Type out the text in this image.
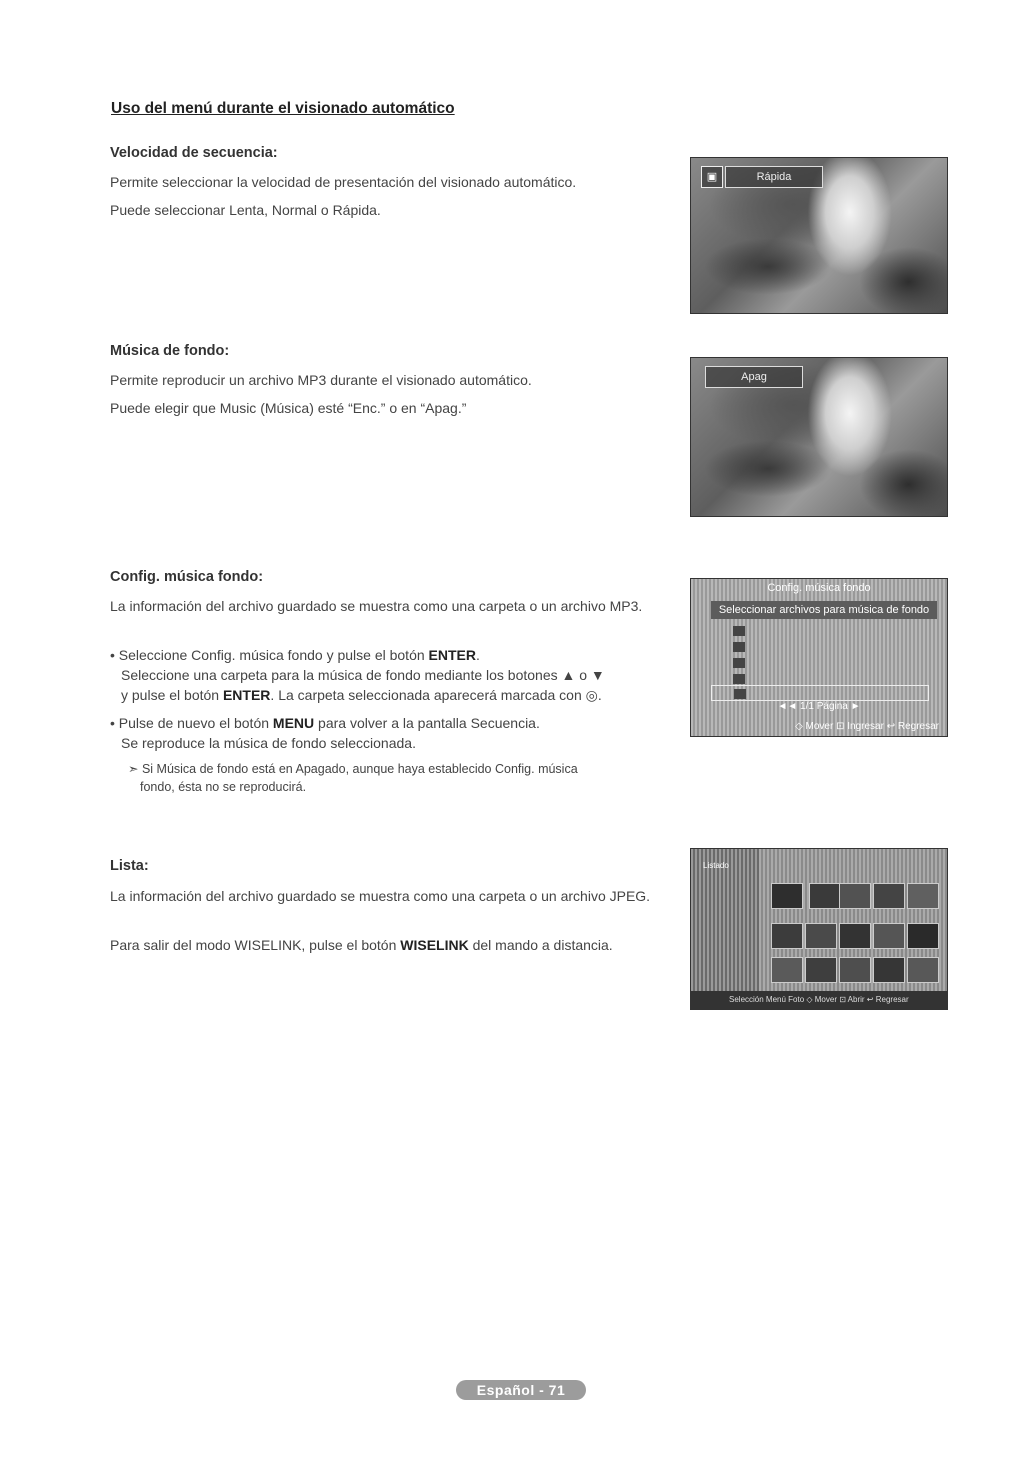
Uso del menú durante el visionado automático
Velocidad de secuencia:
Permite seleccionar la velocidad de presentación del visionado automático.
Puede seleccionar Lenta, Normal o Rápida.
▣	Rápida
Música de fondo:
Permite reproducir un archivo MP3 durante el visionado automático.
Puede elegir que Music (Música) esté “Enc.” o en “Apag.”
Apag
Config. música fondo:
La información del archivo guardado se muestra como una carpeta o un archivo MP3.
• Seleccione Config. música fondo y pulse el botón ENTER.
Seleccione una carpeta para la música de fondo mediante los botones ▲ o ▼
y pulse el botón ENTER. La carpeta seleccionada aparecerá marcada con ◎.
• Pulse de nuevo el botón MENU para volver a la pantalla Secuencia.
Se reproduce la música de fondo seleccionada.
➣ Si Música de fondo está en Apagado, aunque haya establecido Config. música
fondo, ésta no se reproducirá.
Config. música fondo
Seleccionar archivos para música de fondo
◄◄ 1/1 Página ►
◇ Mover ⊡ Ingresar ↩ Regresar
Lista:
La información del archivo guardado se muestra como una carpeta o un archivo JPEG.
Para salir del modo WISELINK, pulse el botón WISELINK del mando a distancia.
Listado
Selección Menú Foto ◇ Mover ⊡ Abrir ↩ Regresar
Español - 71
